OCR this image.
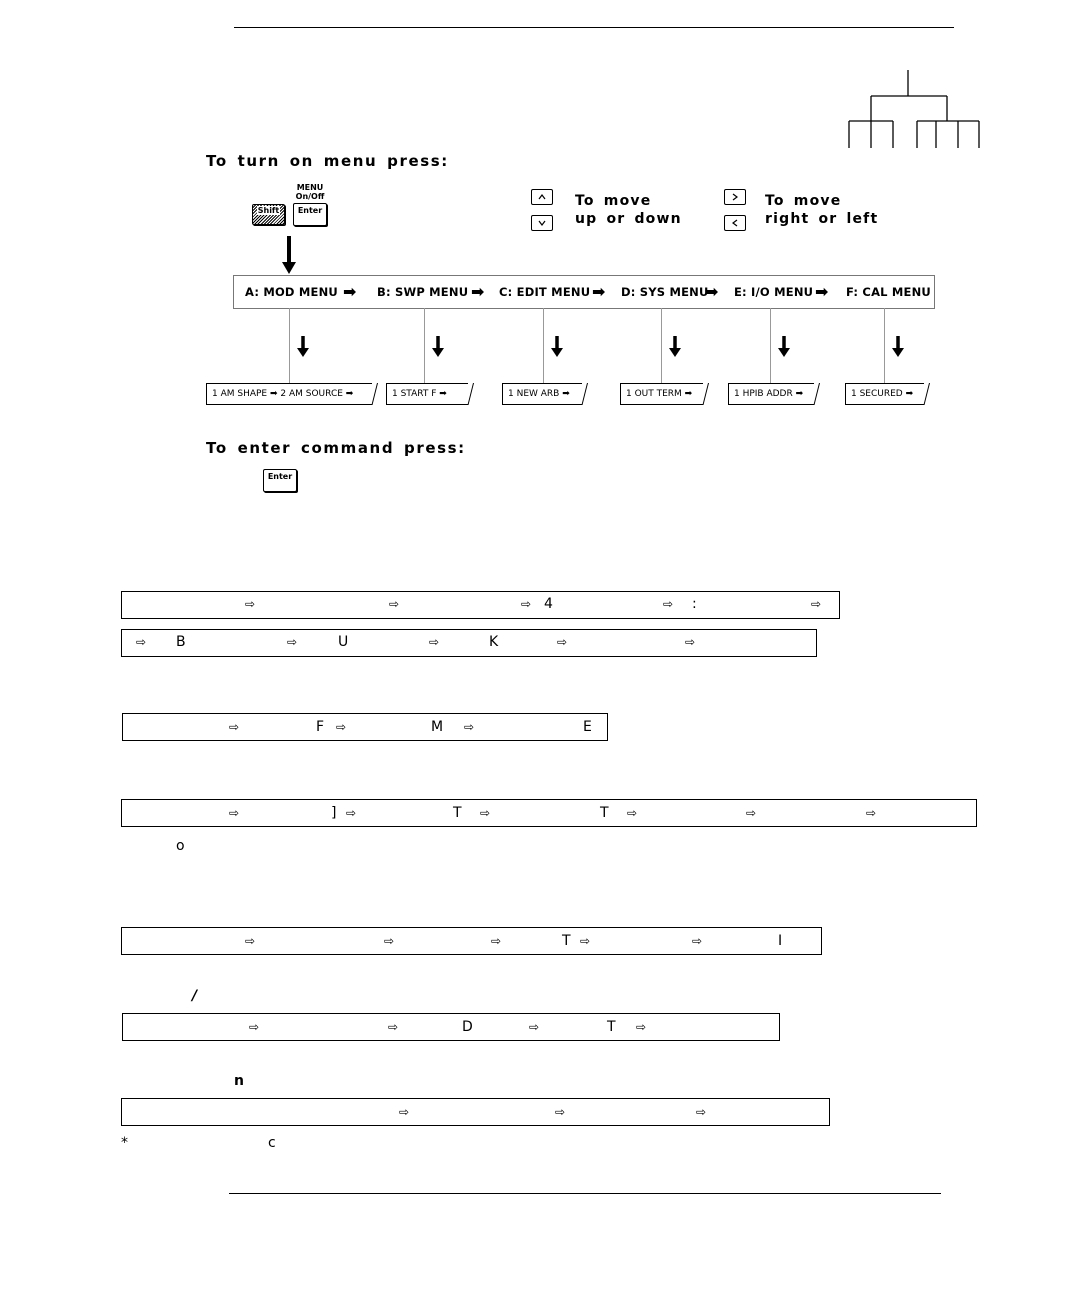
To turn on menu press:
MENU
On/Off
Shift	Enter
To move
up or down
To move
right or left
A: MOD MENU ➡ B: SWP MENU ➡ C: EDIT MENU ➡ D: SYS MENU
➡ E: I/O MENU ➡ F: CAL MENU
1 AM SHAPE ➡ 2 AM SOURCE ➡	1 START F ➡	1 NEW ARB ➡	1 OUT TERM ➡	1 HPIB ADDR ➡	1 SECURED ➡
To enter command press:
Enter
⇨	⇨	⇨ 4	⇨ :	⇨
⇨ B	⇨	U	⇨	K	⇨	⇨
⇨	F ⇨	M ⇨	E
⇨	] ⇨	T ⇨	T ⇨	⇨	⇨
o
⇨	⇨	⇨	T ⇨	⇨	I
/
⇨	⇨	D	⇨	T ⇨
n
⇨	⇨	⇨
*	c
